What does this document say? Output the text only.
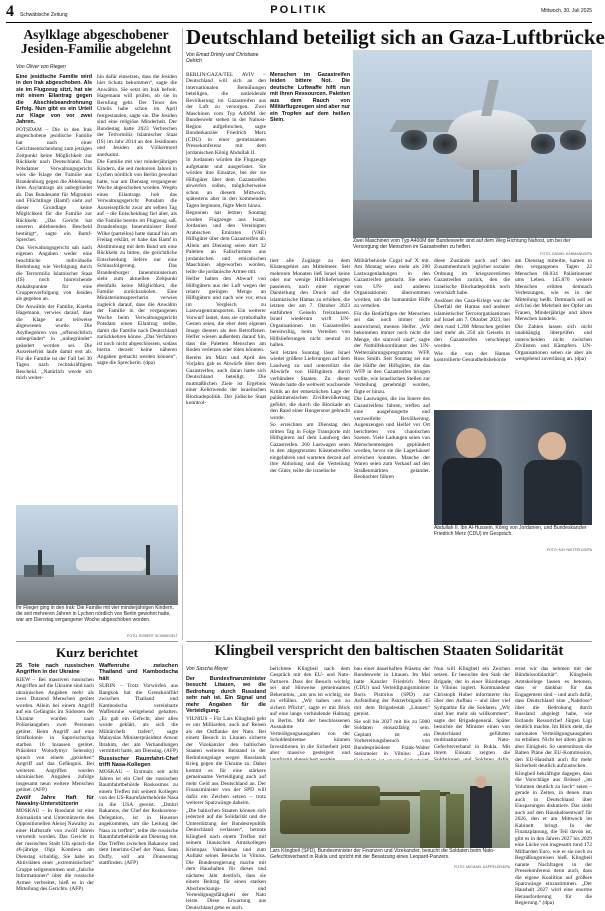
4 Schwäbische Zeitung	POLITIK	Mittwoch, 30. Juli 2025
Asylklage abgeschobener Jesiden-Familie abgelehnt
Von Oliver von Riegen

Eine jesidische Familie wird in den Irak abgeschoben. Als sie im Flugzeug sitzt, hat sie mit einem Eilantrag gegen die Abschiebeandrohnung Erfolg. Nun gibt es ein Urteil zur Klage von vor zwei Jahren.

POTSDAM – Die in den Irak abgeschobene jesidische Familie hat nach einer Gerichtsentscheidung zum jetzigen Zeitpunkt keine Möglichkeit zur Rückkehr nach Deutschland. Das Potsdamer Verwaltungsgericht wies die Klage der Familie aus Brandenburg gegen die Ablehnung ihres Asylantrags als unbegründet ab. Das Bundesamt für Migration und Flüchtlinge (Bamf) sieht auf dieser Grundlage keine Möglichkeit für die Familie zur Rückkehr. „Das Gericht hat unseren ablehnenden Bescheid bestätigt“, sagte ein Bamf-Sprecher.

Das Verwaltungsgericht sah nach eigenen Angaben weder eine beachtliche individuelle Bedrohung wie Verfolgung durch die Terrormiliz Islamischer Staat (IS) noch hinreichende Anhaltspunkte für eine Gruppenverfolgung von Jesiden als gegeben an.

Die Anwältin der Familie, Kareba Hagemann, verwies darauf, dass die Klage nur teilweise abgewiesen wurde. Die Asylbegehren von „offensichtlich unbegründet“ in „unbegründet“ geändert worden sei. Die Ausreisefrist laufe damit erst ab. Für die Familie ist der Fall bei 30 Tagen nach rechtskräftigem Bescheid. „Natürlich werde ich mich weiter-

hin dafür einsetzen, dass die Jesiden hier Schutz bekommen“, sagte die Anwältin. Sie setzt im Irak befreit. Hagemann will prüfen, ob sie in Berufung geht. Der Tenor des Urteils habe schon im April festgestanden, sagte sie. Die Jesiden sind eine religiöse Minderheit. Der Bundestag hatte 2023 Verbrechen der Terrormiliz Islamischer Staat (IS) im Jahr 2014 an den Jesidinnen und Jesiden als Völkermord anerkannt.

Die Familie mit vier minderjährigen Kindern, die seit mehreren Jahren in Lychen nördlich von Berlin gewohnt hatte, war am Dienstag vergangener Woche abgeschoben worden. Wegen eines Eilantrags hob das Verwaltungsgericht Potsdam die Ausreisepflicht zwar am selben Tag auf – die Entscheidung fiel aber, als die Familie bereits im Flugzeug saß. Brandenburgs Innenminister René Wilke (parteilos) hatte darauf hin am Freitag erklärt, er habe das Bamf in Abstimmung mit dem Bund um eine Rückkehr zu bitten, die gerichtliche Entscheidung liefere nur eine Schlussfolgerung. Das Brandenburger Innenministerium sieht zum aktuellen Zeitpunkt ebenfalls keine Möglichkeit, die Familie zurückzuholen. Eine Ministeriumssprecherin verwies zugleich darauf, dass die Anwältin der Familie in der vergangenen Woche beim Verwaltungsgericht Potsdam einen Eilantrag stellte, damit die Familie nach Deutschland zurückkehren könne. „Das Verfahren ist noch nicht abgeschlossen, sodass hierzu derzeit keine näheren Angaben gemacht werden können“, sagte die Sprecherin. (dpa)

Ihr Flieger ging in den Irak: Die Familie mit vier minderjährigen Kindern, die seit mehreren Jahren in Lychen nördlich von Berlin gewohnt hatte, war am Dienstag vergangener Woche abgeschoben worden.
FOTO: ROBERT SCHMIEGELT
Deutschland beteiligt sich an Gaza-Luftbrücke
Von Emad Drimly und Christiane Oelrich

BERLIN/GAZA/TEL AVIV – Deutschland will sich an den internationalen Bemühungen beteiligen, die notleidende Bevölkerung im Gazastreifen aus der Luft zu versorgen. Zwei Maschinen vom Typ A400M der Bundeswehr stehen in der Nahost-Region aufgebrochen, sagte Bundeskanzler Friedrich Merz (CDU) in einer gemeinsamen Pressekonferenz mit dem jordanischen König Abdullah II.

In Jordanien würden die Flugzeuge aufgetankt und ausgerüstet. Sie würden ihre Einsätze, bei der sie Hilfsgüter über dem Gazastreifen abwerfen sollen, möglicherweise schon an diesem Mittwoch, spätestens aber in den kommenden Tagen beginnen, fügte Merz hinzu.

Begonnen hat letzten Sonntag wurden Flugzeuge aus Israel, Jordanien und den Vereinigten Arabischen Emiraten (VAE) Hilfsgüter über dem Gazastreifen ab. Allein am Dienstag seien dort 32 Paletten an Fallschirmen aus jordanischen und emiratischen Maschinen abgeworfen worden, teilte die jordanische Armee mit.

Helfer halten den Abwurf von Hilfsgütern aus der Luft wegen der relativ geringen Menge an Hilfsgütern und nach wie vor, etwa im Vergleich zu Lastwagentransporten. Ein weiterer Vorwurf lautet, dass sie symbolhafte Gesten seien, die eher dem eigenen Image dienten als den Betroffenen. Helfer wiesen außerdem darauf hin, dass die Paletten Menschen am Boden verletzen oder töten könnten.

Bereits im März und April des Vorjahrs gab es Abwürfe über dem Gazastreifen, auch daran hatte sich Deutschland beteiligt. Die mutmaßlichen Ziele ist Ergebnis einer Kehrtwende der israelischen Blockadepolitik. Der jüdische Staat konntrol-

Menschen im Gazastreifen leiden bittere Not. Die deutsche Luftwaffe hilft nun mit ihren Ressourcen. Paletten aus dem Rauch von Militärflugzeugen sind aber nur ein Tropfen auf dem heißen Stein.

Zwei Maschinen vom Typ A400M der Bundeswehr sind auf dem Weg Richtung Nahost, um bei der Versorgung der Menschen im Gazastreifen zu helfen.
FOTO: DANIEL KARMANN/DPA

liert alle Zugänge zu dem Küstengebiet am Mittelmeer. Seit mehreren Monaten ließ Israel keine oder nur wenige Hilfslieferungen passieren, nach einer eigener Darstellung den Druck auf die islamistische Hamas zu erhöhen, die letzten der am 7. Oktober 2023 entführten Geiseln freizulassen. Israel wiederum wirft UN-Organisationen im Gazastreifen bereitwillig, beim Verteilen von Hilfslieferungen nicht neutral zu halten.

Seit letzten Sonntag lässt Israel wieder größere Lieferungen auf dem Landweg zu und unterstützt die Abwürfe von Hilfsgütern durch verbündete Staaten. Zu dieser Wende hatte die weltweit wachsende Kritik an der entsetzlichen Lage der palästinensischen Zivilbevölkerung geführt, die durch die Blockade an den Rand einer Hungersnot gebracht wurde.

So erreichten am Dienstag den dritten Tag in Folge Transporte mit Hilfsgütern auf dem Landweg den Gazastreifen. 260 Lastwagen seien in den abgegrenzten Küstenstreifen eingefahren und warteten derzeit auf ihre Abholung und die Verteilung der Güter, teilte die israelische

Militärbehörde Cogat auf X mit. Am Montag seien mehr als 200 Lastwagenladungen in den Gazastreifen gebracht. Sie seien von UN- und anderen Organisationen übernommen worden, um die humanitäre Hilfe zu verteilen.

Für die Bedürftigen der Menschen sei das noch immer nicht ausreichend, meinen Helfer. „Wir bekommen immer noch nicht die Menge, die sinnvoll sind“, sagte der Nothilfekoordinator des UN-Welternährungsprogramms WFP, Ross Smith. Seit Sonntag sei nur die Hälfte der Hilfsgüter, die das WFP in den Gazastreifen bringen wollte, wie israelischen Stellen zur Verteilung genehmigt worden, fügte er hinzu.

Die Lastwagen, die ins Innere des Gazastreifens fahren, treffen auf eine ausgehungerte und verzweifelte Bevölkerung. Augenzeugen und Helfer vor Ort berichteten von chaotischen Szenen. Viele Ladungen seien von Menschenmengen geplündert worden, bevor sie die Lagerhäuser erreichen konnten. Manche der Waren seien zum Verkauf auf den Straßenmärkten gelandet. Beobachter führen

diese Zustände auch auf den Zusammenbruch jeglicher sozialer Ordnung im kriegszerstörten Gazastreifen zurück, den die israelische Blockadepolitik noch verschärft habe.

Auslöser des Gaza-Kriegs war der Überfall der Hamas und anderer islamistischer Terrororganisationen auf Israel am 7. Oktober 2023, bei dem rund 1.200 Menschen getötet und mehr als 250 als Geiseln in den Gazastreifen verschleppt worden.

Wie die von der Hamas kontrollierte Gesundheitsbehörde

am Dienstag mitteilte, kamen in den vergangenen Tagen 22 Menschen 60.034 Palästinenser ums Leben. 145.870 weitere Menschen erlitten demnach Verletzungen, wie es in der Mitteilung heißt. Demnach soll es sich bei der Mehrheit der Opfer um Frauen, Minderjährige und ältere Menschen handeln.

Die Zahlen lassen sich nicht unabhängig überprüfen und unterscheiden nicht zwischen Zivilisten und Kämpfern. UN-Organisationen sehen sie aber als weitgehend zuverlässig an. (dpa)

Abdullah II. Ibn Al-Hussein, König von Jordanien, und Bundeskanzler Friedrich Merz (CDU) im Gespräch.
FOTO: KAY NIETFELD/DPA
Kurz berichtet

25 Tote nach russischen Angriffen in der Ukraine

KIEW – Bei massiven russischen Angriffen auf die Ukraine sind nach ukrainischen Angaben mehr als zwei Dutzend Menschen getötet worden. Allein bei einem Angriff auf ein Gefängnis im Südosten der Ukraine wurden nach Polizeiangaben zwei Personen getötet. Beim Angriff auf eine Strafkolonie in Saporischschja starben 16 Insassen getötet. Präsident Wolodymyr Selenskyj sprach von einem „gezielten“ Angriff auf das Gefängnis. Bei weiteren Angriffen wurden ukrainischen Angaben zufolge insgesamt neun weitere Menschen getötet. (AFP)

Zwölf Jahre Haft für Nawalny-Unterstützerin

MOSKAU – In Russland ist eine Journalistin und Unterstützerin des Oppositionellen Alexej Nawalny zu einer Haftstrafe von zwölf Jahren verurteilt worden. Das Gericht in der russischen Stadt Ufa sprach die 46-jährige Olga Komleva am Dienstag schuldig. Sie habe an Aktivitäten einer „extremistischen“ Gruppe teilgenommen und „falsche Informationen“ über die russische Armee verbreitet, hieß es in der Mitteilung des Gerichts. (AFP)

Waffenruhe zwischen Thailand und Kambodscha hält

SURIN – Trotz Vorwürfen aus Bangkok hat die Grenzkonflikt zwischen Thailand und Kambodscha vereinbarte Waffenruhe weitgehend gehalten. „Es gab ein Gefecht, aber alles wurde geklärt, als sich die Militärchefs trafen“, sagte Malaysias Ministerpräsident Anwar Ibrahim, der am Verhandlungen vermittelt hatte, am Dienstag. (AFP)

Russischer Raumfahrt-Chef trifft Nasa-Kollegen

MOSKAU – Erstmals seit acht Jahren ist ein Chef der russischen Raumfahrtbehörde Roskosmos zu einem Treffen mit seinem Kollegen von der US-Raumfahrtbehörde Nasa in die USA gereist. „Dmitri Bakanow, der Chef der Roskosmos-Delegation, ist in Houston angekommen, um die Leitung der Nasa zu treffen“, teilte die russische Raumfahrtbehörde am Dienstag mit. Das Treffen zwischen Bakanow und dem Interims-Chef der Nasa, Sean Duffy, soll am Donnerstag stattfinden. (AFP)

Klingbeil verspricht den baltischen Staaten Solidarität
Von Sascha Meyer

Der Bundesfinanzminister besucht Litauen, wo die Bedrohung durch Russland sehr nah ist. Ein Signal und mehr Angaben für die Verteidigung.

VILNIUS – Für Lars Klingbeil geht es um Milliarden, auch auf Reisen als der Ostflanke der Nato. Bei einem Besuch in Litauen sicherte der Vizekanzler den baltischen Staaten weiteren Beistand in der Bedrohungslage wegen Russlands Krieg gegen die Ukraine zu. Dabei kommt es für eine stärkere gemeinsame Verteidigung auch auf mehr Geld aus Deutschland an. Der Finanzminister von der SPD will dafür ein Zeichen setzen – trotz weiterer Sparzwänge daheim.

„Die baltischen Staaten können sich jederzeit auf die Solidarität und die Unterstützung der Bundesrepublik Deutschland verlassen“, betonte Klingbeil nach einem Treffen mit seinem litauischen Amtskollegen Kristupas Vaitiekūnas und zum Auftakt seines Besuchs in Vilnius. Die Bundesregierung mache mit dem Haushalten für dieses und nächstes Jahr deutlich, dass sie einem Beitrag für einen starken Abschreckungs- und Verteidigungsfähigkeit der Nato leiste. Diese Erwartung aus Deutschland gebe es auch.

berichtete Klingbeil nach dem Gespräch mit den EU- und Nato-Partnern. Dass der Besuch wichtig sei und Hinweise gemeinsames Bekenntnis, „um uns ist wichtig, sie zu erfüllen. „Wir haben uns zu sichern Pflicht“, sagte er mit Blick auf eine lange verbindende Haltung in Berlin. Mit der beschlossenen Ausnahme der Verteidigungsausgaben von der Schuldenbremse können Investitionen in die Sicherheit jetzt aber massive gesteigert und

bau einer dauerhaften Präsenz der Bundeswehr in Litauen. Im Mai hatte Kanzler Friedrich Merz (CDU) und Verteidigungsminister Boris Pistorius (SPD) zur Aufstellung der Panzerbrigade 45 mit dem Brigadestab „Litauen“ gereist.

Sie soll bis 2027 mit bis zu 5000 Soldaten einsatzfähig sein. Geplant ist ein Vorbereitungsbesuch von Bundespräsident Frank-Walter Steinmeier in Vilnius: „Eure

Nun will Klingbeil ein Zeichen setzen. Er besuchte den Stab der Brigade, der in einer Bürobetage in Vilnius logiert. Kommandeur Christoph Huber informierte ihn über den Aufbau – und über viel Sympathie für die Soldaten. „Wir sind hier mehr als willkommen“, sagte der Brigadegeneral. Später besuchte der Minister einen von Deutschland geführten multinationalen Nato-Gefechtsverband in Rukla. Mit ihrem Einsatz zeigten die

ernst wir das nehmen mit der Bündnissolidarität“. Klingbeils Amtskollege lassen es betonen, dass er dankbar für das Engagement sind – und auch dafür, dass Deutschland eine „Nahtlose“ über die Bedrohung durch Russland abgelegt habe, wie Estlands Ressortchef Jürgen Ligi deutlich machte. Im Blick steht, die nationalen Verteidigungsausgaben zu erhöhen. Nicht bei allem gibt es aber Einigkeit. So unterstützen die Balten Pläne der EU-Kommission, den EU-Haushalt auch für mehr Sicherheit deutlich aufzustocken.

Klingbeil bekräftigte dagegen, dass die Vorschläge aus Brüssel „im Volumen deutlich zu hoch“ seien – gerade in Zeiten, in denen man auch in Deutschland über Einsparungen diskutiere. Das zieht auch auf den Haushaltsentwurf für 2026, den er am Mittwoch im Kabinett bringt. In der Finanzplanung, die Teil davon ist, gibt es in den Jahren 2027 bis 2029 eine Lücke von insgesamt rund 172 Milliarden Euro, wie er sie noch zu Begrüßungsreisen hieß. Klingbeil nannte Nachfragen in der Pressekonferenz denn auch, dass die eigene Koalition auf größere Sparzwänge einzustimmen. „Der Haushalt 2027 wird eine enorme Herausforderung für die Regierung.“ (dpa)

Lars Klingbeil (SPD), Bundesminister der Finanzen und Vizekanzler, besucht die Soldaten beim Nato-Gefechtsverband in Rukla und spricht mit der Besatzung eines Leopard-Panzers.
FOTO: MICHAEL KAPPELER/DPA
